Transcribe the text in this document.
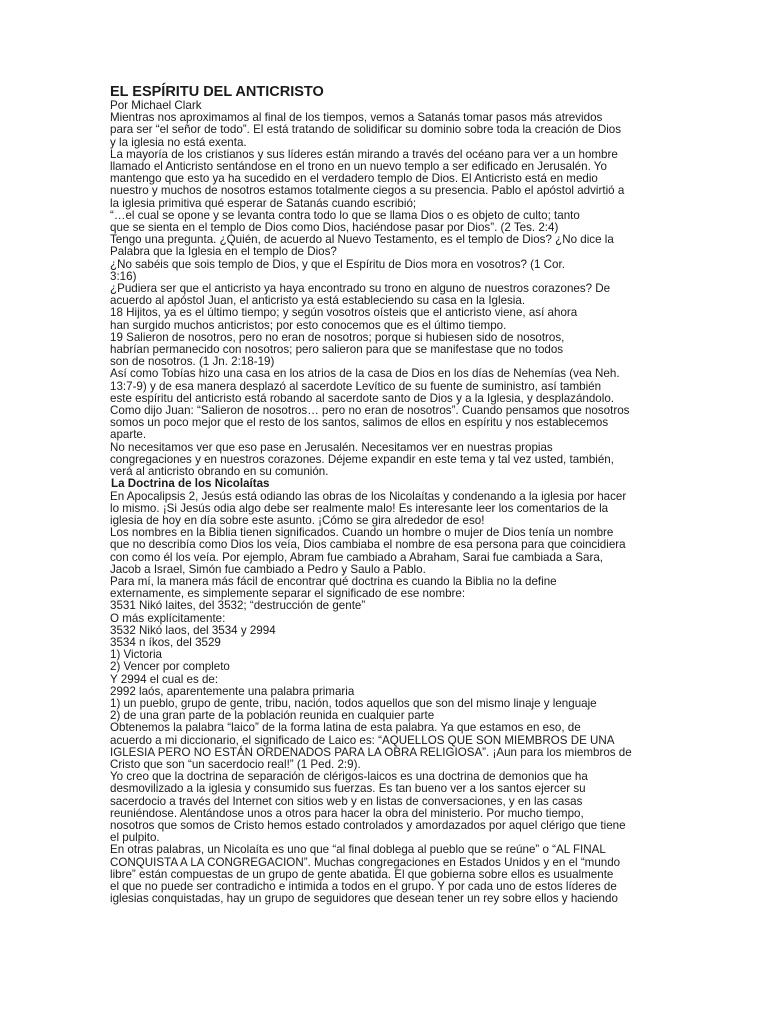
EL ESPÍRITU DEL ANTICRISTO
Por Michael Clark
Mientras nos aproximamos al final de los tiempos, vemos a Satanás tomar pasos más atrevidos
para ser “el señor de todo”. El está tratando de solidificar su dominio sobre toda la creación de Dios
y la iglesia no está exenta.
La mayoría de los cristianos y sus líderes están mirando a través del océano para ver a un hombre
llamado el Anticristo sentándose en el trono en un nuevo templo a ser edificado en Jerusalén. Yo
mantengo que esto ya ha sucedido en el verdadero templo de Dios. El Anticristo está en medio
nuestro y muchos de nosotros estamos totalmente ciegos a su presencia. Pablo el apóstol advirtió a
la iglesia primitiva qué esperar de Satanás cuando escribió;
“…el cual se opone y se levanta contra todo lo que se llama Dios o es objeto de culto; tanto
que se sienta en el templo de Dios como Dios, haciéndose pasar por Dios”. (2 Tes. 2:4)
Tengo una pregunta. ¿Quién, de acuerdo al Nuevo Testamento, es el templo de Dios? ¿No dice la
Palabra que la Iglesia en el templo de Dios?
¿No sabéis que sois templo de Dios, y que el Espíritu de Dios mora en vosotros? (1 Cor.
3:16)
¿Pudiera ser que el anticristo ya haya encontrado su trono en alguno de nuestros corazones? De
acuerdo al apóstol Juan, el anticristo ya está estableciendo su casa en la Iglesia.
18 Hijitos, ya es el último tiempo; y según vosotros oísteis que el anticristo viene, así ahora
han surgido muchos anticristos; por esto conocemos que es el último tiempo.
19 Salieron de nosotros, pero no eran de nosotros; porque si hubiesen sido de nosotros,
habrían permanecido con nosotros; pero salieron para que se manifestase que no todos
son de nosotros. (1 Jn. 2:18-19)
Así como Tobías hizo una casa en los atrios de la casa de Dios en los días de Nehemías (vea Neh.
13:7-9) y de esa manera desplazó al sacerdote Levítico de su fuente de suministro, así también
este espíritu del anticristo está robando al sacerdote santo de Dios y a la Iglesia, y desplazándolo.
Como dijo Juan: “Salieron de nosotros… pero no eran de nosotros”. Cuando pensamos que nosotros
somos un poco mejor que el resto de los santos, salimos de ellos en espíritu y nos establecemos
aparte.
No necesitamos ver que eso pase en Jerusalén. Necesitamos ver en nuestras propias
congregaciones y en nuestros corazones. Déjeme expandir en este tema y tal vez usted, también,
verá al anticristo obrando en su comunión.
La Doctrina de los Nicolaítas
En Apocalipsis 2, Jesús está odiando las obras de los Nicolaítas y condenando a la iglesia por hacer
lo mismo. ¡Si Jesús odia algo debe ser realmente malo! Es interesante leer los comentarios de la
iglesia de hoy en día sobre este asunto. ¡Cómo se gira alrededor de eso!
Los nombres en la Biblia tienen significados. Cuando un hombre o mujer de Dios tenía un nombre
que no describía como Dios los veía, Dios cambiaba el nombre de esa persona para que coincidiera
con como él los veía. Por ejemplo, Abram fue cambiado a Abraham, Sarai fue cambiada a Sara,
Jacob a Israel, Simón fue cambiado a Pedro y Saulo a Pablo.
Para mí, la manera más fácil de encontrar qué doctrina es cuando la Biblia no la define
externamente, es simplemente separar el significado de ese nombre:
3531 Nikó laites, del 3532; “destrucción de gente”
O más explícitamente:
3532 Nikó laos, del 3534 y 2994
3534 n íkos, del 3529
1) Victoria
2) Vencer por completo
Y 2994 el cual es de:
2992 laós, aparentemente una palabra primaria
1) un pueblo, grupo de gente, tribu, nación, todos aquellos que son del mismo linaje y lenguaje
2) de una gran parte de la población reunida en cualquier parte
Obtenemos la palabra “laico” de la forma latina de esta palabra. Ya que estamos en eso, de
acuerdo a mi diccionario, el significado de Laico es: “AQUELLOS QUE SON MIEMBROS DE UNA
IGLESIA PERO NO ESTÁN ORDENADOS PARA LA OBRA RELIGIOSA”. ¡Aun para los miembros de
Cristo que son “un sacerdocio real!” (1 Ped. 2:9).
Yo creo que la doctrina de separación de clérigos-laicos es una doctrina de demonios que ha
desmovilizado a la iglesia y consumido sus fuerzas. Es tan bueno ver a los santos ejercer su
sacerdocio a través del Internet con sitios web y en listas de conversaciones, y en las casas
reuniéndose. Alentándose unos a otros para hacer la obra del ministerio. Por mucho tiempo,
nosotros que somos de Cristo hemos estado controlados y amordazados por aquel clérigo que tiene
el pulpito.
En otras palabras, un Nicolaíta es uno que “al final doblega al pueblo que se reúne” o “AL FINAL
CONQUISTA A LA CONGREGACION”. Muchas congregaciones en Estados Unidos y en el “mundo
libre” están compuestas de un grupo de gente abatida. El que gobierna sobre ellos es usualmente
el que no puede ser contradicho e intimida a todos en el grupo. Y por cada uno de estos líderes de
iglesias conquistadas, hay un grupo de seguidores que desean tener un rey sobre ellos y haciendo
